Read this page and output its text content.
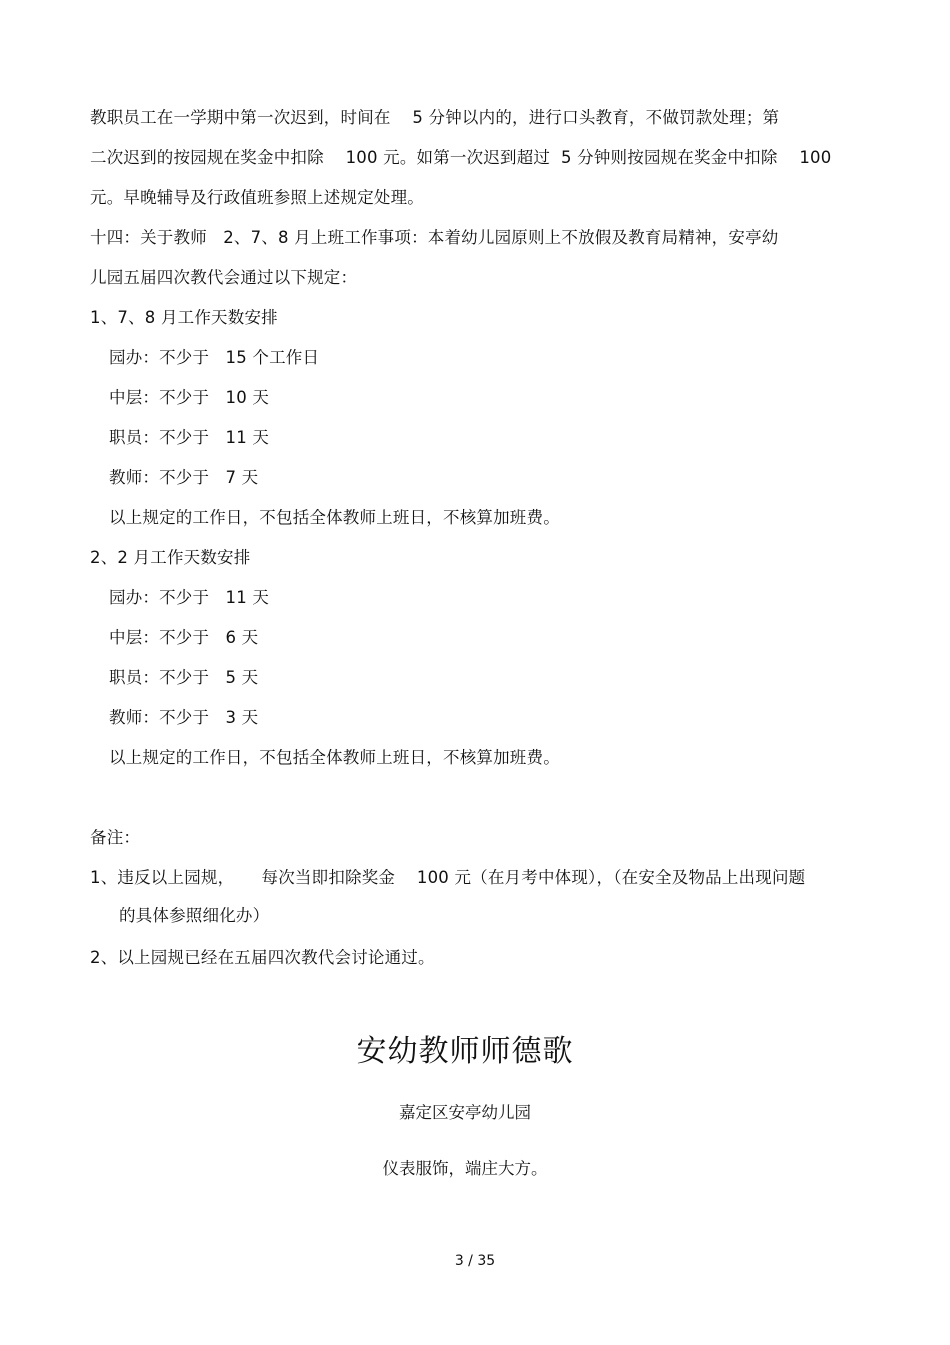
教职员工在一学期中第一次迟到，时间在    5 分钟以内的，进行口头教育，不做罚款处理；第
二次迟到的按园规在奖金中扣除    100 元。如第一次迟到超过  5 分钟则按园规在奖金中扣除    100
元。早晚辅导及行政值班参照上述规定处理。
十四：关于教师   2、7、8 月上班工作事项：本着幼儿园原则上不放假及教育局精神，安亭幼
儿园五届四次教代会通过以下规定：
1、7、8 月工作天数安排
园办：不少于   15 个工作日
中层：不少于   10 天
职员：不少于   11 天
教师：不少于   7 天
以上规定的工作日，不包括全体教师上班日，不核算加班费。
2、2 月工作天数安排
园办：不少于   11 天
中层：不少于   6 天
职员：不少于   5 天
教师：不少于   3 天
以上规定的工作日，不包括全体教师上班日，不核算加班费。
备注：
1、违反以上园规，     每次当即扣除奖金    100 元（在月考中体现），（在安全及物品上出现问题
的具体参照细化办）
2、以上园规已经在五届四次教代会讨论通过。
安幼教师师德歌
嘉定区安亭幼儿园
仪表服饰，端庄大方。
3 / 35
